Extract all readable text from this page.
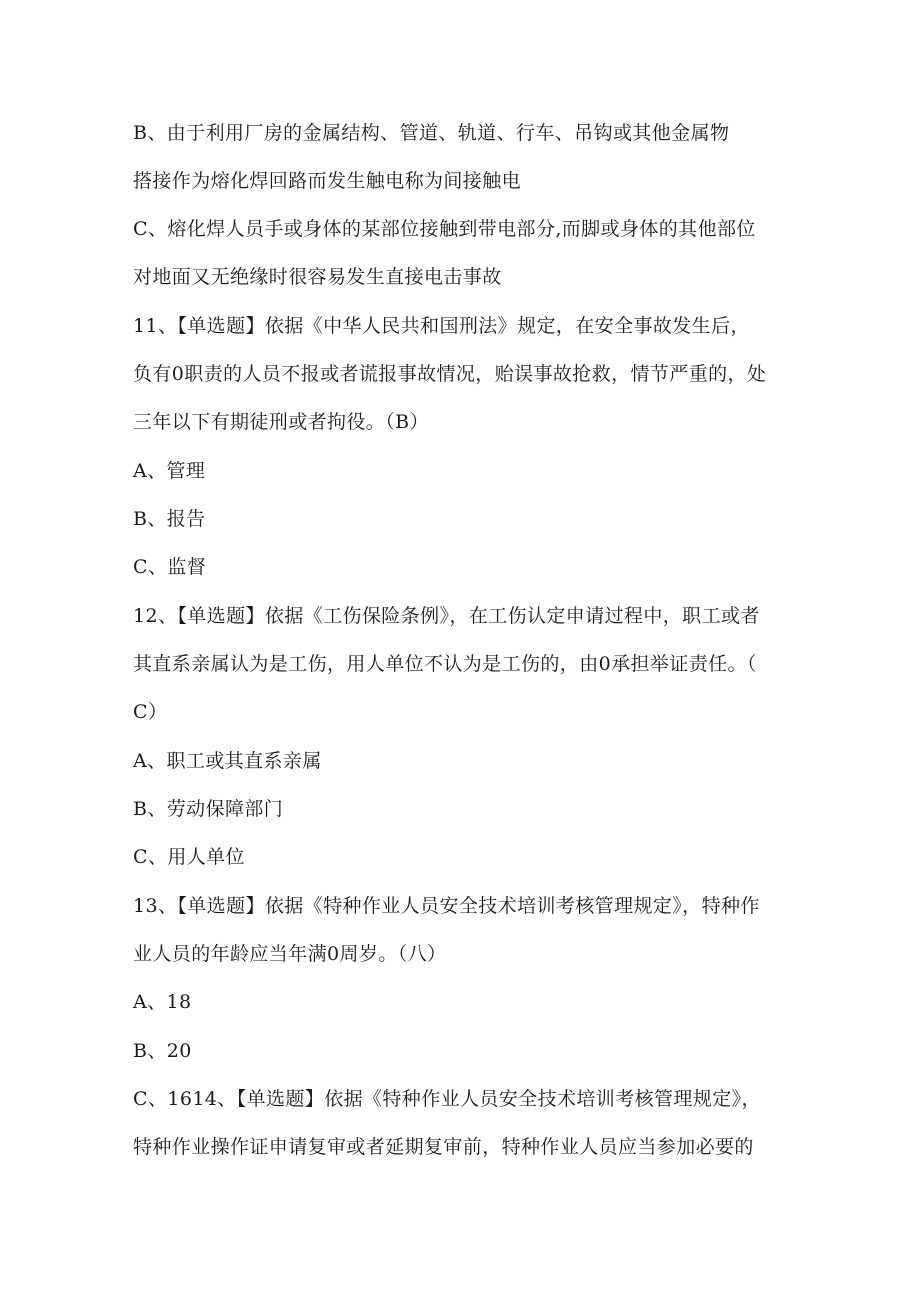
B、由于利用厂房的金属结构、管道、轨道、行车、吊钩或其他金属物
搭接作为熔化焊回路而发生触电称为间接触电
C、熔化焊人员手或身体的某部位接触到带电部分,而脚或身体的其他部位
对地面又无绝缘时很容易发生直接电击事故
11、【单选题】依据《中华人民共和国刑法》规定，在安全事故发生后，
负有0职责的人员不报或者谎报事故情况，贻误事故抢救，情节严重的，处
三年以下有期徒刑或者拘役。（B）
A、管理
B、报告
C、监督
12、【单选题】依据《工伤保险条例》，在工伤认定申请过程中，职工或者
其直系亲属认为是工伤，用人单位不认为是工伤的，由0承担举证责任。（
C）
A、职工或其直系亲属
B、劳动保障部门
C、用人单位
13、【单选题】依据《特种作业人员安全技术培训考核管理规定》，特种作
业人员的年龄应当年满0周岁。（八）
A、18
B、20
C、1614、【单选题】依据《特种作业人员安全技术培训考核管理规定》，
特种作业操作证申请复审或者延期复审前，特种作业人员应当参加必要的
